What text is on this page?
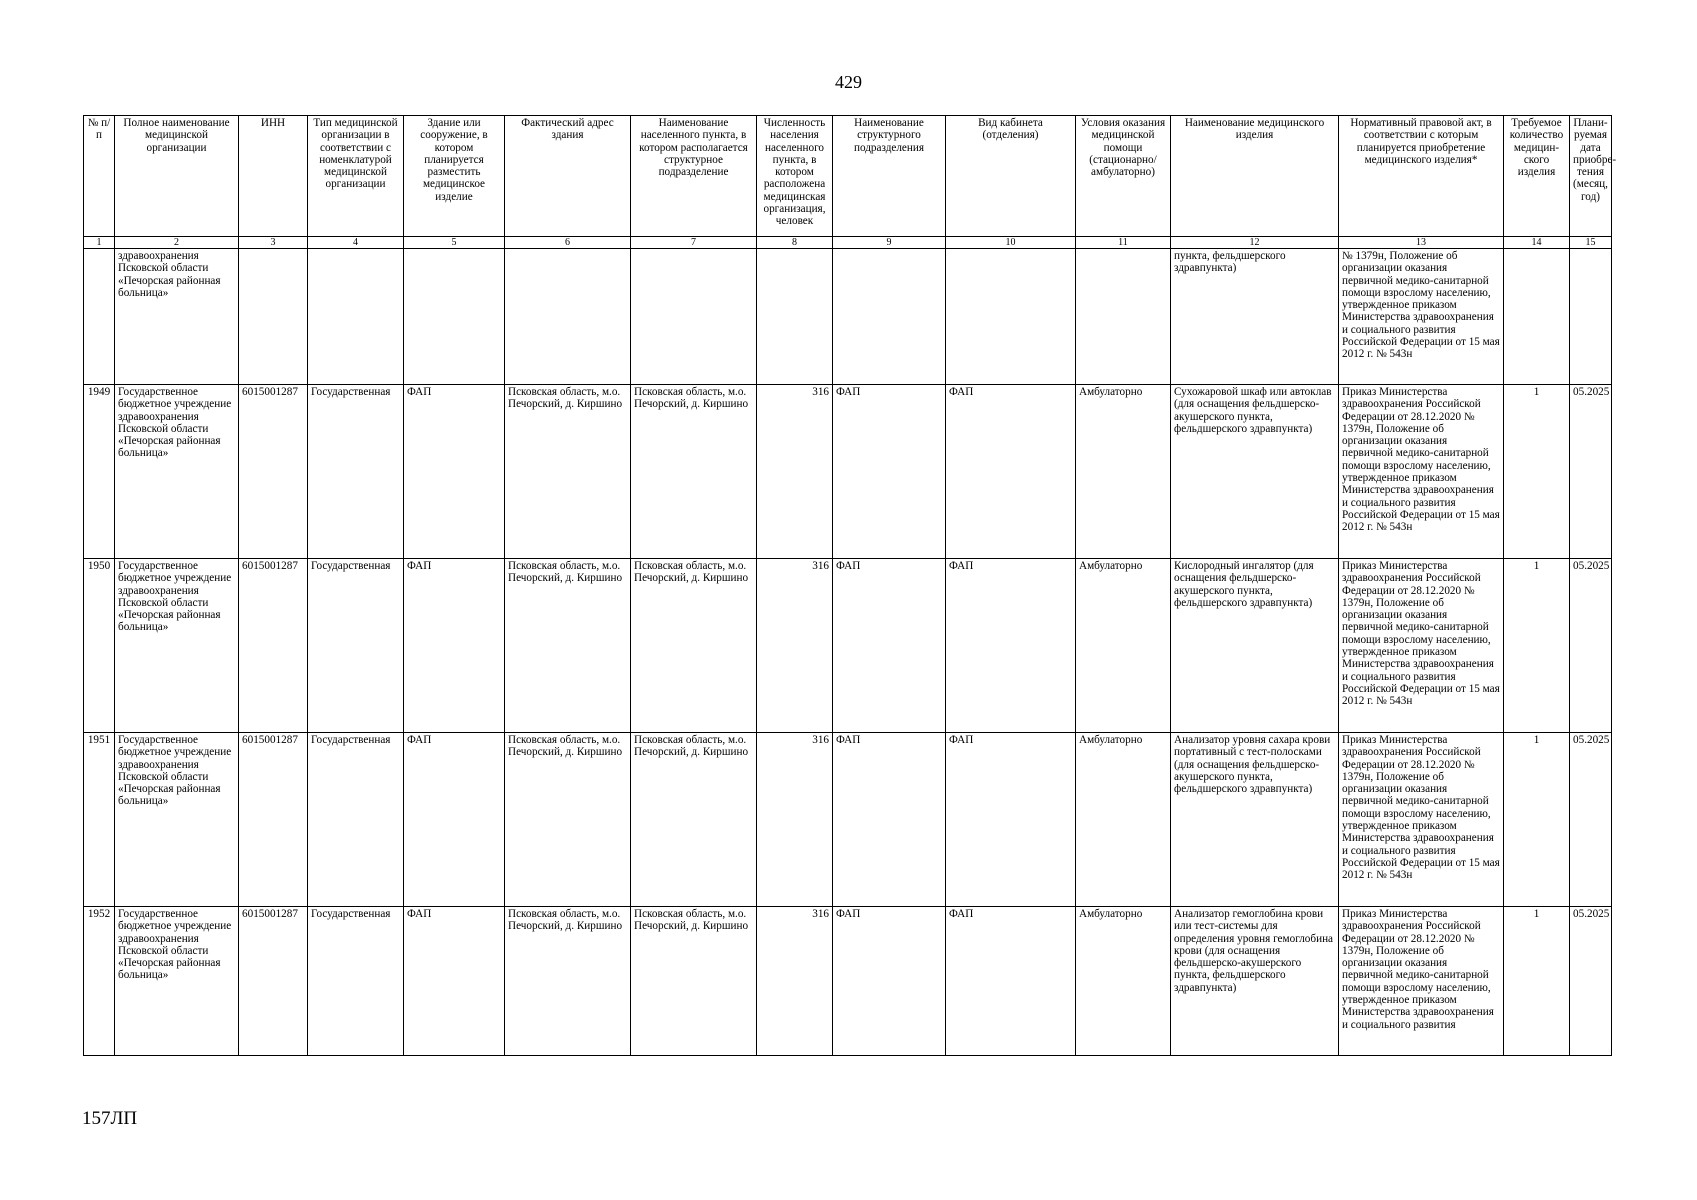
429
№ п/п	Полное наименование медицинской организации	ИНН	Тип медицинской организации в соответствии с номенклатурой медицинской организации	Здание или сооружение, в котором планируется разместить медицинское изделие	Фактический адрес здания	Наименование населенного пункта, в котором располагается структурное подразделение	Численность населения населенного пункта, в котором расположена медицинская организация, человек	Наименование структурного подразделения	Вид кабинета (отделения)	Условия оказания медицинской помощи (стационарно/ амбулаторно)	Наименование медицинского изделия	Нормативный правовой акт, в соответствии с которым планируется приобретение медицинского изделия*	Требуемое количество медицин-ского изделия	Плани-руемая дата приобре-тения (месяц, год)
1	2	3	4	5	6	7	8	9	10	11	12	13	14	15
	здравоохранения Псковской области «Печорская районная больница»										пункта, фельдшерского здравпункта)	№ 1379н, Положение об организации оказания первичной медико-санитарной помощи взрослому населению, утвержденное приказом Министерства здравоохранения и социального развития Российской Федерации от 15 мая 2012 г. № 543н		
1949	Государственное бюджетное учреждение здравоохранения Псковской области «Печорская районная больница»	6015001287	Государственная	ФАП	Псковская область, м.о. Печорский, д. Киршино	Псковская область, м.о. Печорский, д. Киршино	316	ФАП	ФАП	Амбулаторно	Сухожаровой шкаф или автоклав (для оснащения фельдшерско-акушерского пункта, фельдшерского здравпункта)	Приказ Министерства здравоохранения Российской Федерации от 28.12.2020 № 1379н, Положение об организации оказания первичной медико-санитарной помощи взрослому населению, утвержденное приказом Министерства здравоохранения и социального развития Российской Федерации от 15 мая 2012 г. № 543н	1	05.2025
1950	Государственное бюджетное учреждение здравоохранения Псковской области «Печорская районная больница»	6015001287	Государственная	ФАП	Псковская область, м.о. Печорский, д. Киршино	Псковская область, м.о. Печорский, д. Киршино	316	ФАП	ФАП	Амбулаторно	Кислородный ингалятор (для оснащения фельдшерско-акушерского пункта, фельдшерского здравпункта)	Приказ Министерства здравоохранения Российской Федерации от 28.12.2020 № 1379н, Положение об организации оказания первичной медико-санитарной помощи взрослому населению, утвержденное приказом Министерства здравоохранения и социального развития Российской Федерации от 15 мая 2012 г. № 543н	1	05.2025
1951	Государственное бюджетное учреждение здравоохранения Псковской области «Печорская районная больница»	6015001287	Государственная	ФАП	Псковская область, м.о. Печорский, д. Киршино	Псковская область, м.о. Печорский, д. Киршино	316	ФАП	ФАП	Амбулаторно	Анализатор уровня сахара крови портативный с тест-полосками (для оснащения фельдшерско-акушерского пункта, фельдшерского здравпункта)	Приказ Министерства здравоохранения Российской Федерации от 28.12.2020 № 1379н, Положение об организации оказания первичной медико-санитарной помощи взрослому населению, утвержденное приказом Министерства здравоохранения и социального развития Российской Федерации от 15 мая 2012 г. № 543н	1	05.2025
1952	Государственное бюджетное учреждение здравоохранения Псковской области «Печорская районная больница»	6015001287	Государственная	ФАП	Псковская область, м.о. Печорский, д. Киршино	Псковская область, м.о. Печорский, д. Киршино	316	ФАП	ФАП	Амбулаторно	Анализатор гемоглобина крови или тест-системы для определения уровня гемоглобина крови (для оснащения фельдшерско-акушерского пункта, фельдшерского здравпункта)	Приказ Министерства здравоохранения Российской Федерации от 28.12.2020 № 1379н, Положение об организации оказания первичной медико-санитарной помощи взрослому населению, утвержденное приказом Министерства здравоохранения и социального развития	1	05.2025
157ЛП
